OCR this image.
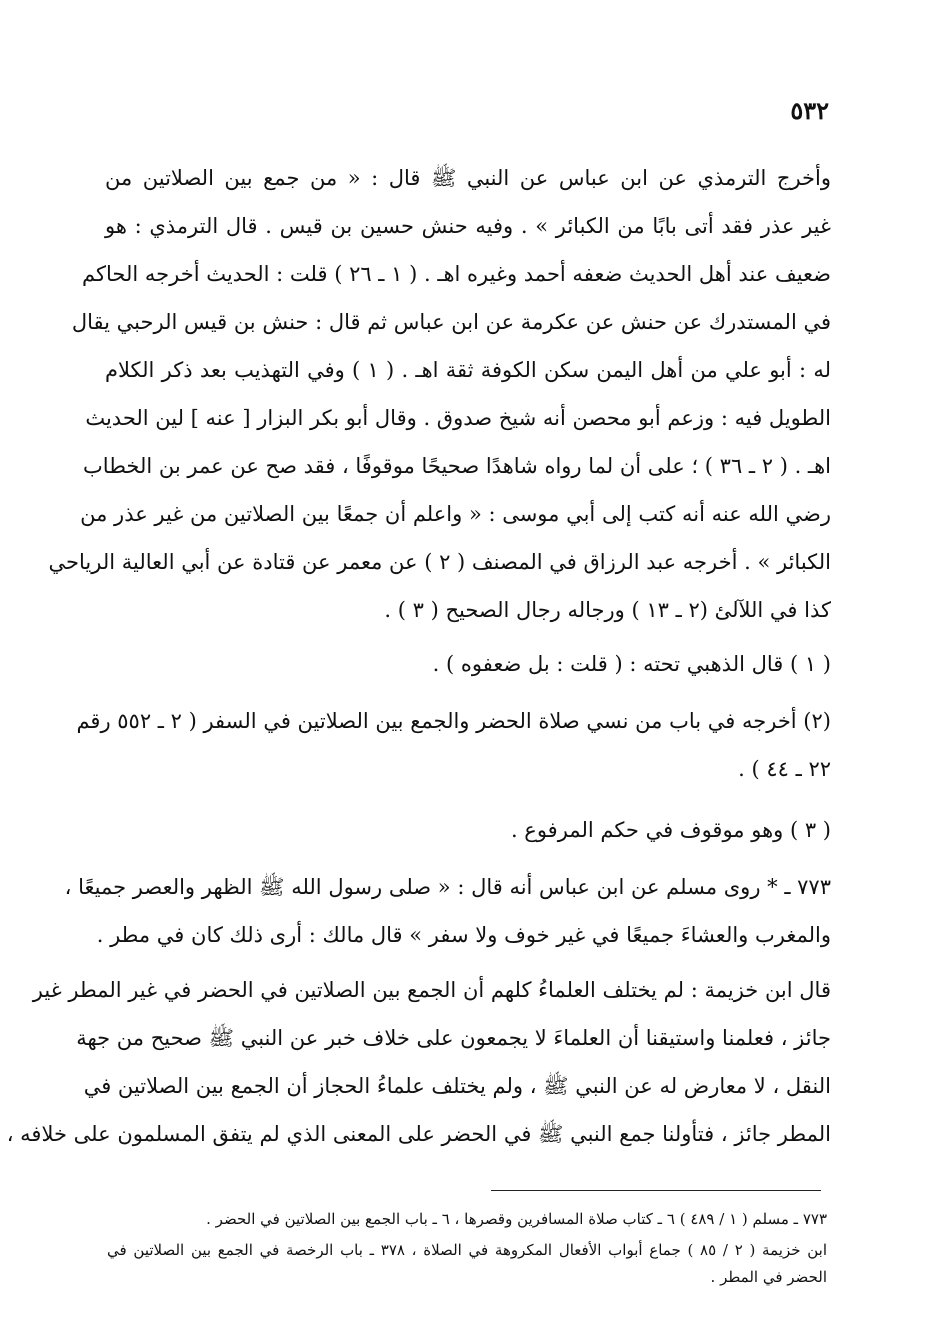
٥٣٢
وأخرج الترمذي عن ابن عباس عن النبي ﷺ قال : « من جمع بين الصلاتين من
غير عذر فقد أتى بابًا من الكبائر » . وفيه حنش حسين بن قيس . قال الترمذي : هو
ضعيف عند أهل الحديث ضعفه أحمد وغيره اهـ . ( ١ ـ ٢٦ ) قلت : الحديث أخرجه الحاكم
في المستدرك عن حنش عن عكرمة عن ابن عباس ثم قال : حنش بن قيس الرحبي يقال
له : أبو علي من أهل اليمن سكن الكوفة ثقة اهـ . ( ١ ) وفي التهذيب بعد ذكر الكلام
الطويل فيه : وزعم أبو محصن أنه شيخ صدوق . وقال أبو بكر البزار [ عنه ] لين الحديث
اهـ . ( ٢ ـ ٣٦ ) ؛ على أن لما رواه شاهدًا صحيحًا موقوفًا ، فقد صح عن عمر بن الخطاب
رضي الله عنه أنه كتب إلى أبي موسى : « واعلم أن جمعًا بين الصلاتين من غير عذر من
الكبائر » . أخرجه عبد الرزاق في المصنف ( ٢ ) عن معمر عن قتادة عن أبي العالية الرياحي
كذا في اللآلئ (٢ ـ ١٣ ) ورجاله رجال الصحيح ( ٣ ) .
( ١ ) قال الذهبي تحته : ( قلت : بل ضعفوه ) .
(٢) أخرجه في باب من نسي صلاة الحضر والجمع بين الصلاتين في السفر ( ٢ ـ ٥٥٢ رقم
٢٢ ـ ٤٤ ) .
( ٣ ) وهو موقوف في حكم المرفوع .
٧٧٣ ـ * روى مسلم عن ابن عباس أنه قال : « صلى رسول الله ﷺ الظهر والعصر جميعًا ،
والمغرب والعشاءَ جميعًا في غير خوف ولا سفر » قال مالك : أرى ذلك كان في مطر .
قال ابن خزيمة : لم يختلف العلماءُ كلهم أن الجمع بين الصلاتين في الحضر في غير المطر غير
جائز ، فعلمنا واستيقنا أن العلماءَ لا يجمعون على خلاف خبر عن النبي ﷺ صحيح من جهة
النقل ، لا معارض له عن النبي ﷺ ، ولم يختلف علماءُ الحجاز أن الجمع بين الصلاتين في
المطر جائز ، فتأولنا جمع النبي ﷺ في الحضر على المعنى الذي لم يتفق المسلمون على خلافه ،
٧٧٣ ـ مسلم ( ١ / ٤٨٩ ) ٦ ـ كتاب صلاة المسافرين وقصرها ، ٦ ـ باب الجمع بين الصلاتين في الحضر .
ابن خزيمة ( ٢ / ٨٥ ) جماع أبواب الأفعال المكروهة في الصلاة ، ٣٧٨ ـ باب الرخصة في الجمع بين الصلاتين في
الحضر في المطر .
